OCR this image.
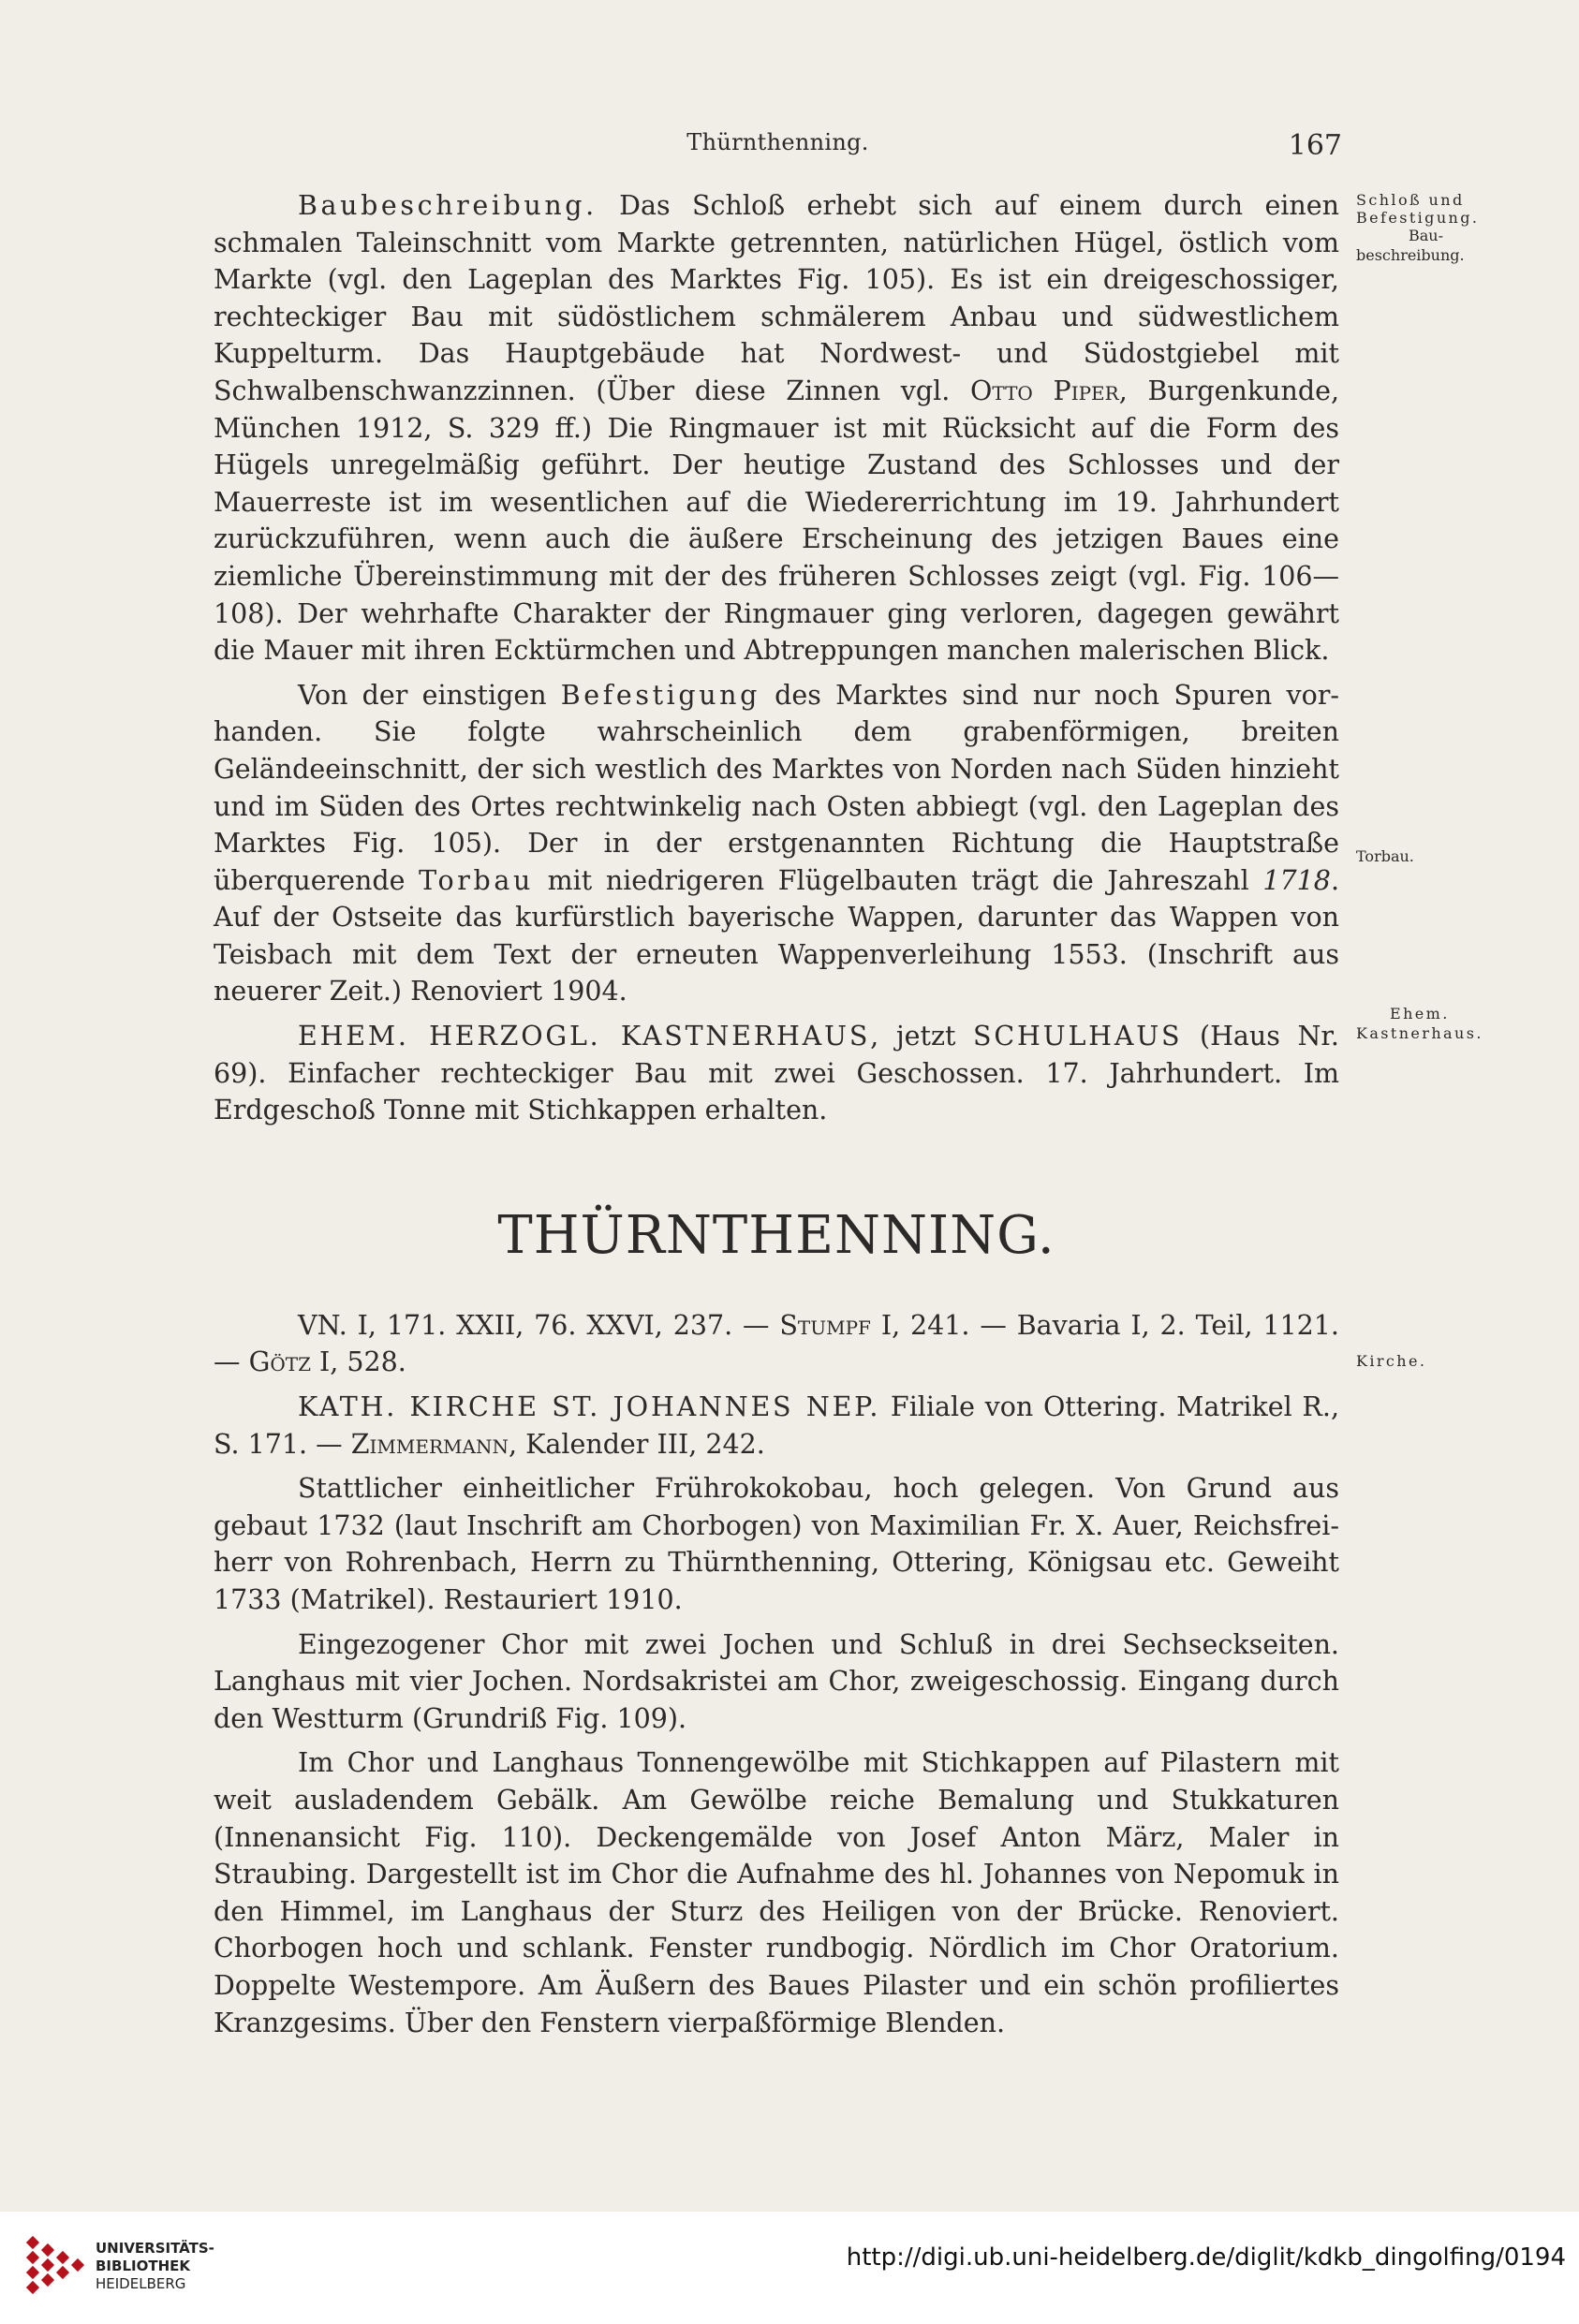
Thürnthenning.	167

Baubeschreibung. Das Schloß erhebt sich auf einem durch einen schmalen Taleinschnitt vom Markte getrennten, natürlichen Hügel, östlich vom Markte (vgl. den Lageplan des Marktes Fig. 105). Es ist ein dreigeschossiger, rechteckiger Bau mit südöstlichem schmälerem Anbau und südwestlichem Kuppelturm. Das Hauptgebäude hat Nordwest- und Südostgiebel mit Schwalbenschwanzzinnen. (Über diese Zinnen vgl. Otto Piper, Burgenkunde, München 1912, S. 329 ff.) Die Ringmauer ist mit Rücksicht auf die Form des Hügels unregelmäßig geführt. Der heutige Zustand des Schlosses und der Mauerreste ist im wesentlichen auf die Wiedererrichtung im 19. Jahrhundert zurückzuführen, wenn auch die äußere Erscheinung des jetzigen Baues eine ziemliche Übereinstimmung mit der des früheren Schlosses zeigt (vgl. Fig. 106—108). Der wehrhafte Charakter der Ringmauer ging verloren, dagegen gewährt die Mauer mit ihren Ecktürmchen und Abtreppungen manchen malerischen Blick.

Von der einstigen Befestigung des Marktes sind nur noch Spuren vorhanden. Sie folgte wahrscheinlich dem grabenförmigen, breiten Geländeeinschnitt, der sich westlich des Marktes von Norden nach Süden hinzieht und im Süden des Ortes rechtwinkelig nach Osten abbiegt (vgl. den Lageplan des Marktes Fig. 105). Der in der erstgenannten Richtung die Hauptstraße überquerende Torbau mit niedrigeren Flügelbauten trägt die Jahreszahl 1718. Auf der Ostseite das kurfürstlich bayerische Wappen, darunter das Wappen von Teisbach mit dem Text der erneuten Wappenverleihung 1553. (Inschrift aus neuerer Zeit.) Renoviert 1904.

EHEM. HERZOGL. KASTNERHAUS, jetzt SCHULHAUS (Haus Nr. 69). Einfacher rechteckiger Bau mit zwei Geschossen. 17. Jahrhundert. Im Erdgeschoß Tonne mit Stichkappen erhalten.

THÜRNTHENNING.

VN. I, 171. XXII, 76. XXVI, 237. — Stumpf I, 241. — Bavaria I, 2. Teil, 1121. — Götz I, 528.

KATH. KIRCHE ST. JOHANNES NEP. Filiale von Ottering. Matrikel R., S. 171. — Zimmermann, Kalender III, 242.

Stattlicher einheitlicher Frührokokobau, hoch gelegen. Von Grund aus gebaut 1732 (laut Inschrift am Chorbogen) von Maximilian Fr. X. Auer, Reichsfreiherr von Rohrenbach, Herrn zu Thürnthenning, Ottering, Königsau etc. Geweiht 1733 (Matrikel). Restauriert 1910.

Eingezogener Chor mit zwei Jochen und Schluß in drei Sechseckseiten. Langhaus mit vier Jochen. Nordsakristei am Chor, zweigeschossig. Eingang durch den Westturm (Grundriß Fig. 109).

Im Chor und Langhaus Tonnengewölbe mit Stichkappen auf Pilastern mit weit ausladendem Gebälk. Am Gewölbe reiche Bemalung und Stukkaturen (Innenansicht Fig. 110). Deckengemälde von Josef Anton März, Maler in Straubing. Dargestellt ist im Chor die Aufnahme des hl. Johannes von Nepomuk in den Himmel, im Langhaus der Sturz des Heiligen von der Brücke. Renoviert. Chorbogen hoch und schlank. Fenster rundbogig. Nördlich im Chor Oratorium. Doppelte Westempore. Am Äußern des Baues Pilaster und ein schön profiliertes Kranzgesims. Über den Fenstern vierpaßförmige Blenden.

Schloß und
Befestigung.
Bau-
beschreibung.
Torbau.
Ehem.
Kastnerhaus.
Kirche.
UNIVERSITÄTS-
BIBLIOTHEK
HEIDELBERG
http://digi.ub.uni-heidelberg.de/diglit/kdkb_dingolfing/0194
